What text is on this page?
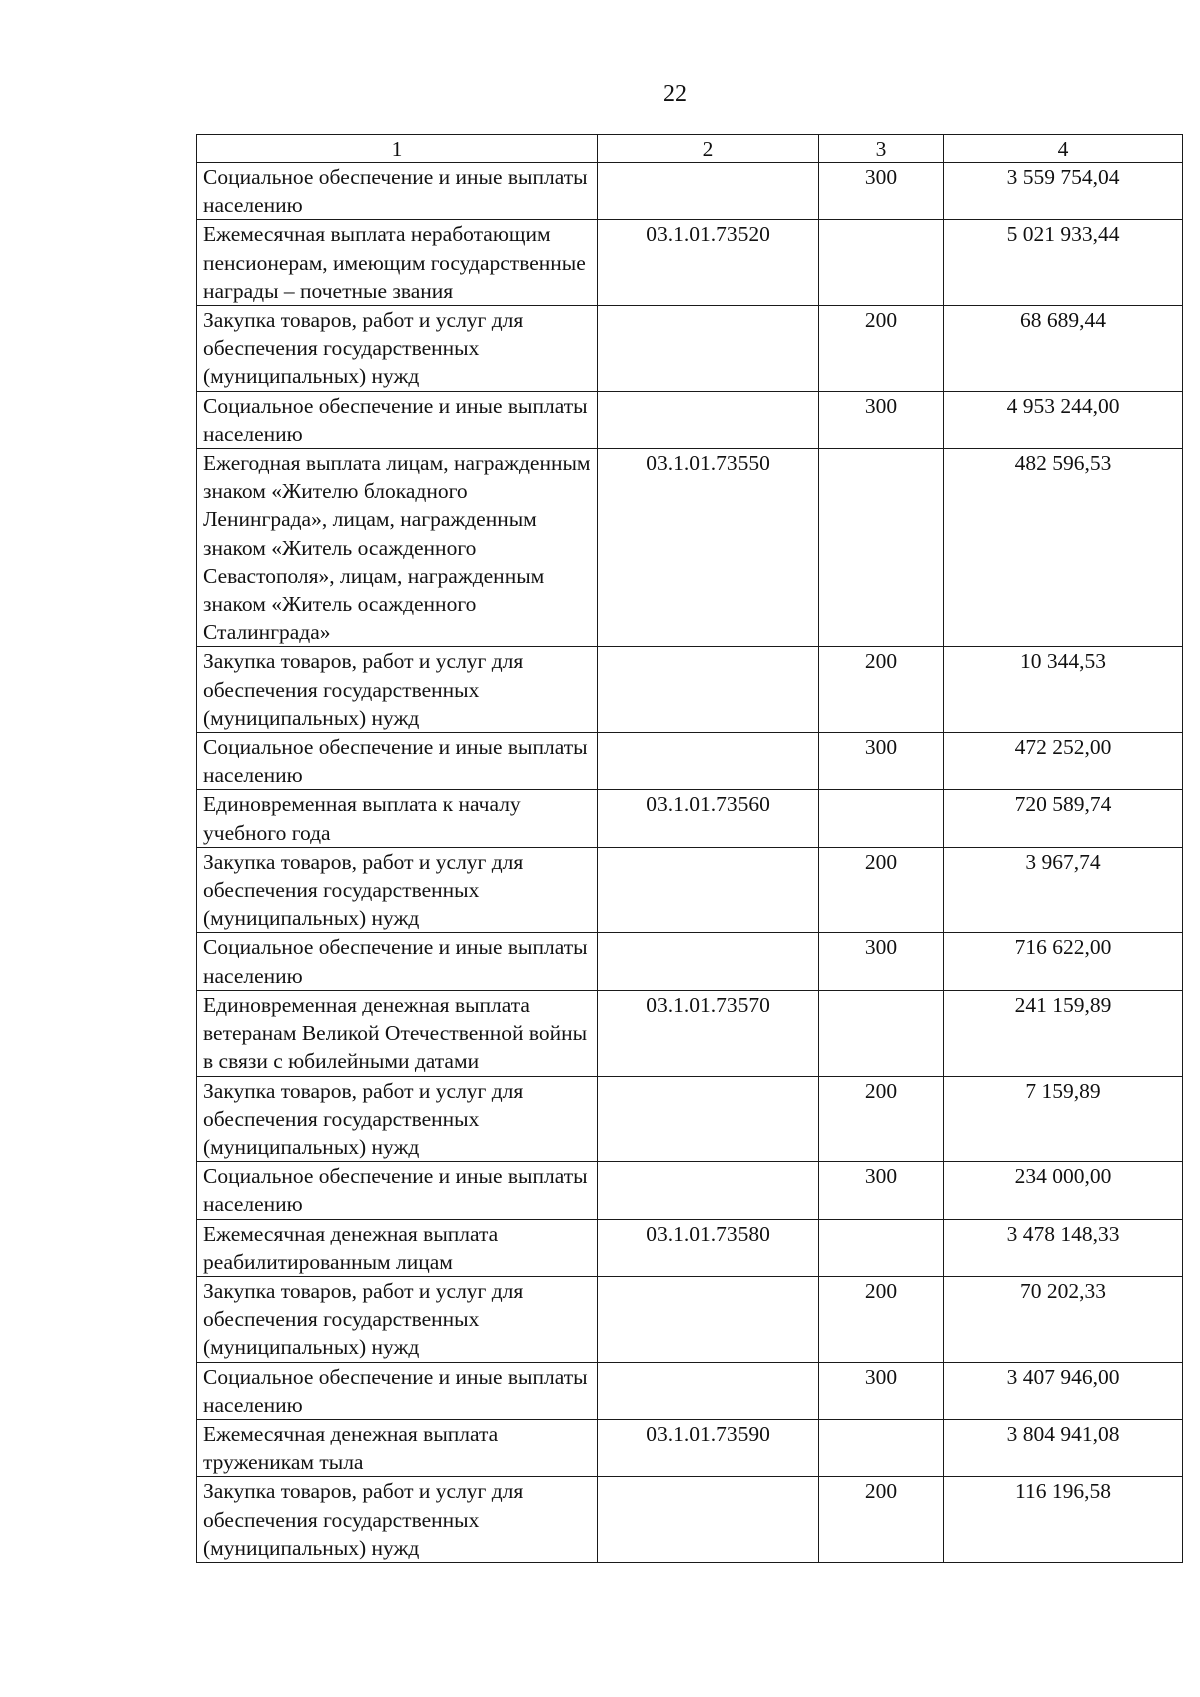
22
1	2	3	4
Социальное обеспечение и иные выплаты населению		300	3 559 754,04
Ежемесячная выплата неработающим пенсионерам, имеющим государственные награды – почетные звания	03.1.01.73520		5 021 933,44
Закупка товаров, работ и услуг для обеспечения государственных (муниципальных) нужд		200	68 689,44
Социальное обеспечение и иные выплаты населению		300	4 953 244,00
Ежегодная выплата лицам, награжденным знаком «Жителю блокадного Ленинграда», лицам, награжденным знаком «Житель осажденного Севастополя», лицам, награжденным знаком «Житель осажденного Сталинграда»	03.1.01.73550		482 596,53
Закупка товаров, работ и услуг для обеспечения государственных (муниципальных) нужд		200	10 344,53
Социальное обеспечение и иные выплаты населению		300	472 252,00
Единовременная выплата к началу учебного года	03.1.01.73560		720 589,74
Закупка товаров, работ и услуг для обеспечения государственных (муниципальных) нужд		200	3 967,74
Социальное обеспечение и иные выплаты населению		300	716 622,00
Единовременная денежная выплата ветеранам Великой Отечественной войны в связи с юбилейными датами	03.1.01.73570		241 159,89
Закупка товаров, работ и услуг для обеспечения государственных (муниципальных) нужд		200	7 159,89
Социальное обеспечение и иные выплаты населению		300	234 000,00
Ежемесячная денежная выплата реабилитированным лицам	03.1.01.73580		3 478 148,33
Закупка товаров, работ и услуг для обеспечения государственных (муниципальных) нужд		200	70 202,33
Социальное обеспечение и иные выплаты населению		300	3 407 946,00
Ежемесячная денежная выплата труженикам тыла	03.1.01.73590		3 804 941,08
Закупка товаров, работ и услуг для обеспечения государственных (муниципальных) нужд		200	116 196,58
